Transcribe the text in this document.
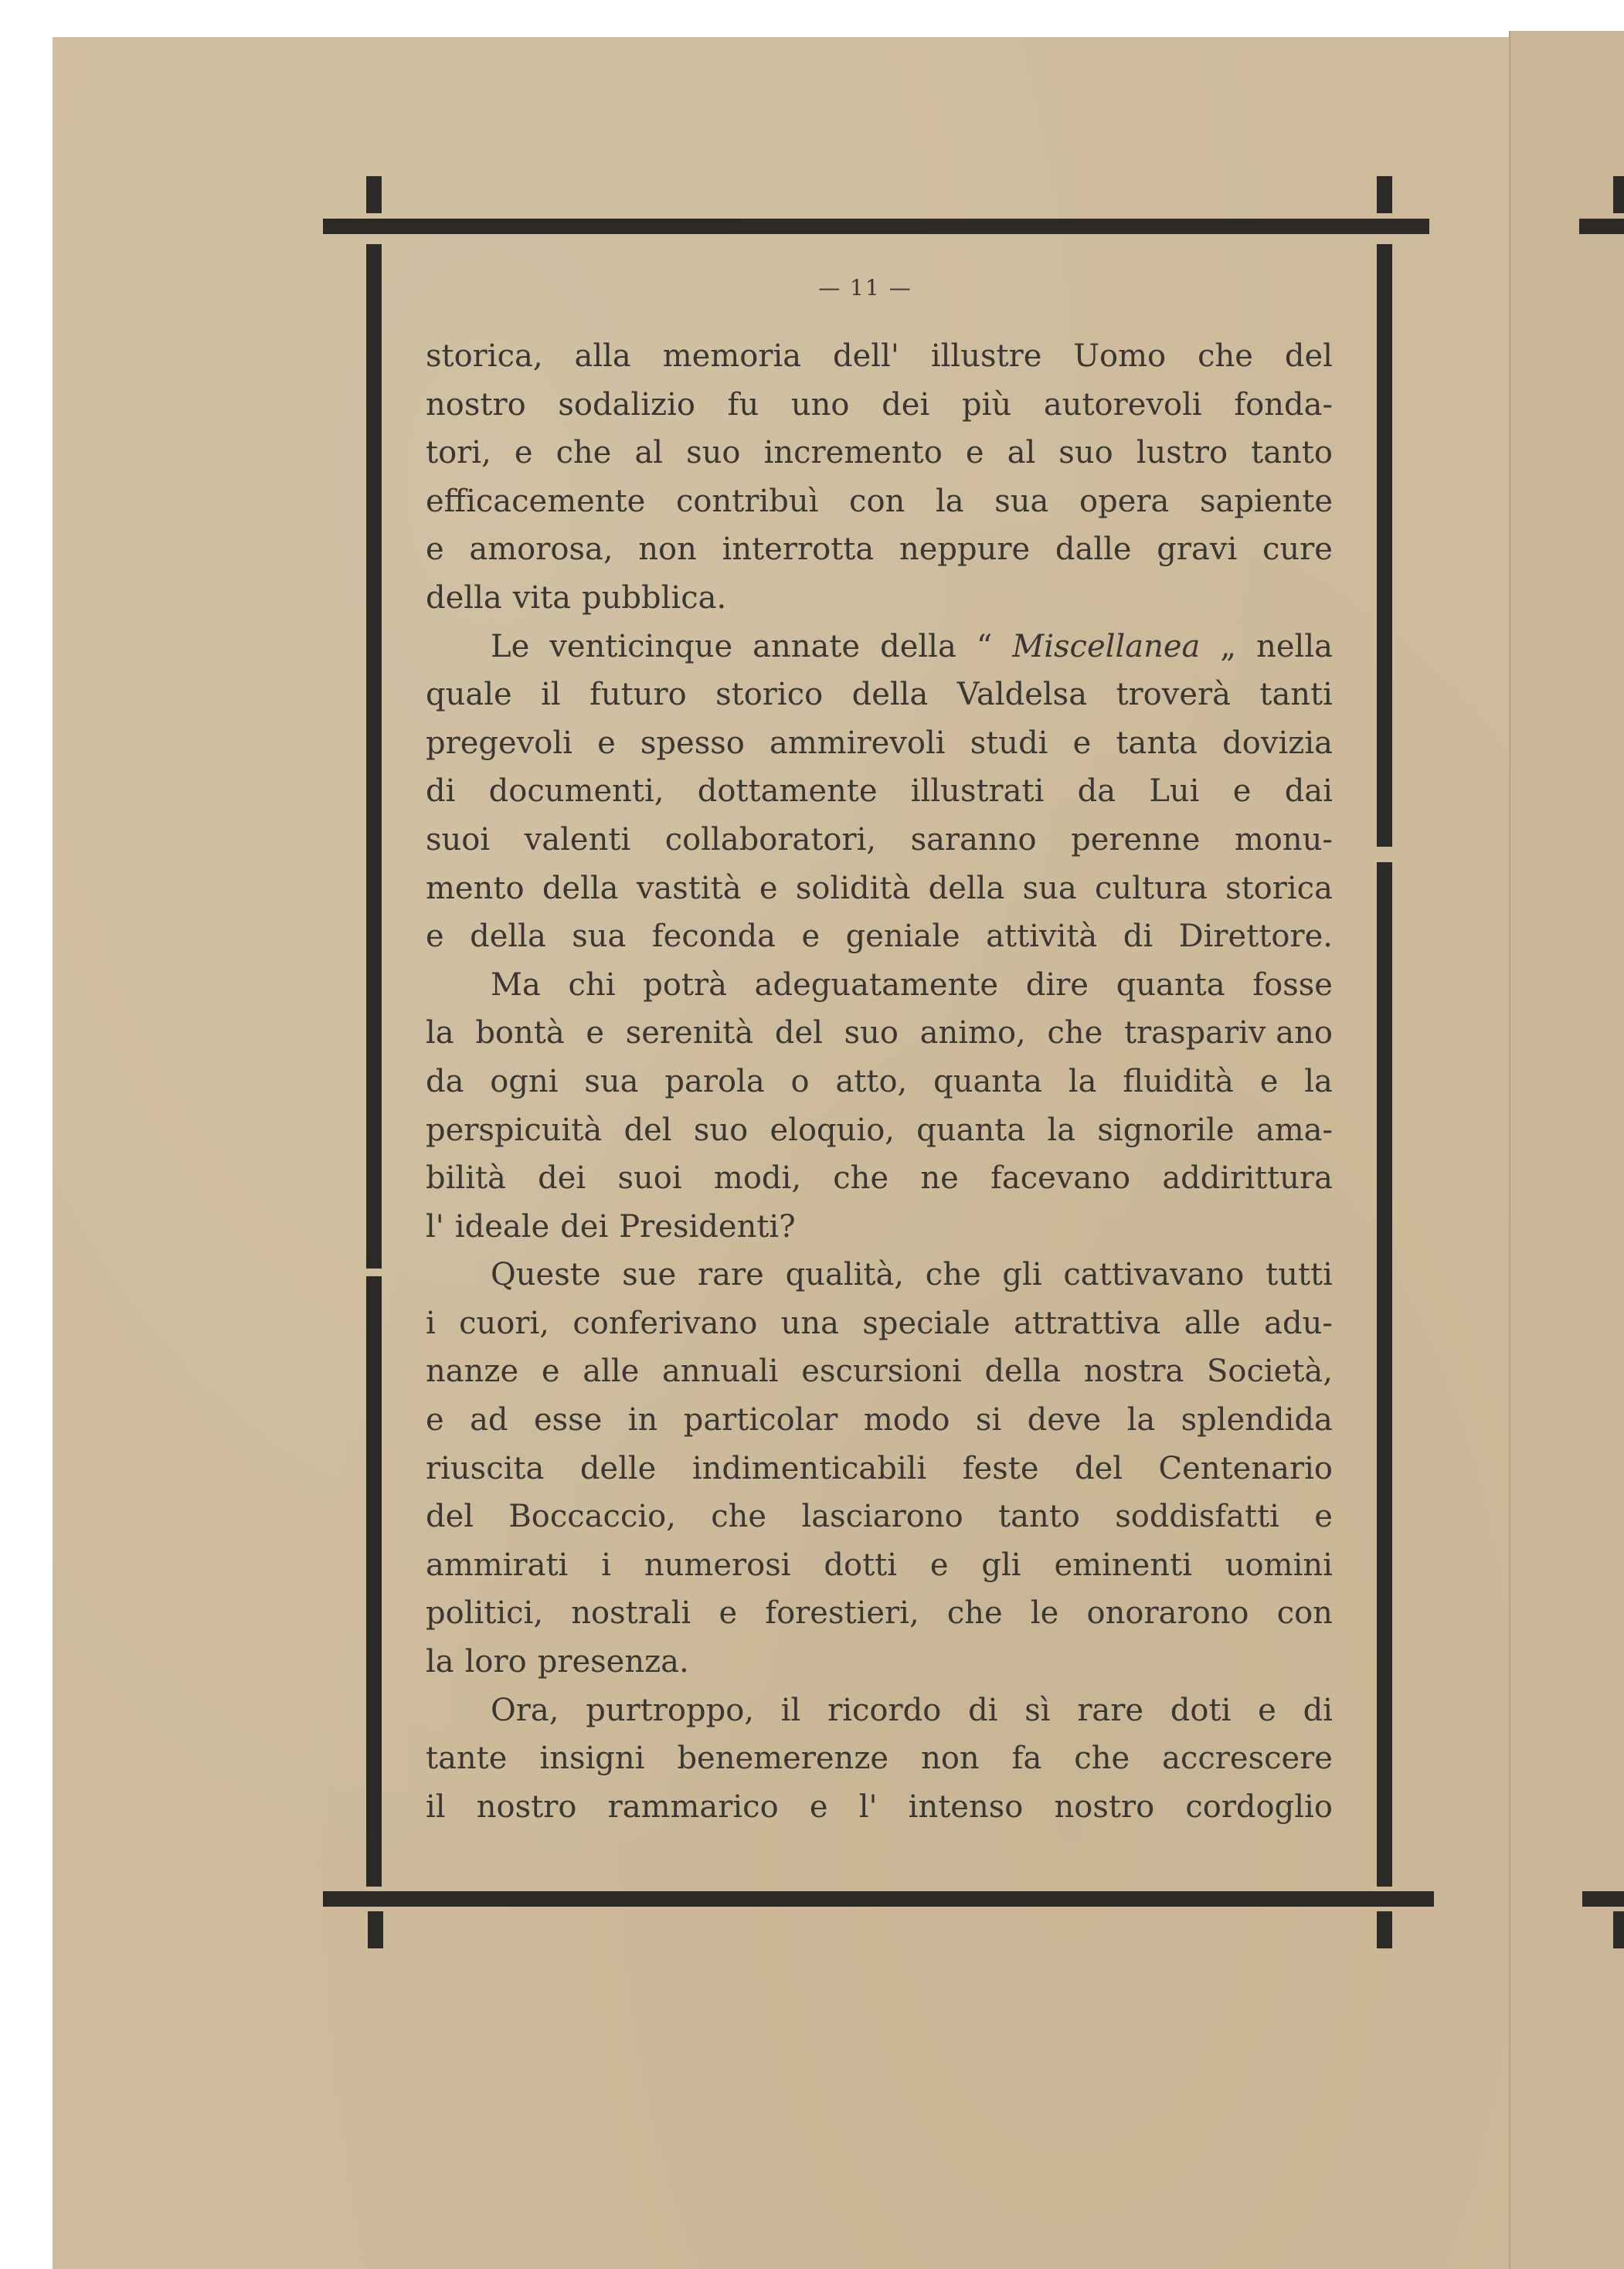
— 11 —
storica, alla memoria dell' illustre Uomo che del
nostro sodalizio fu uno dei più autorevoli fonda-
tori, e che al suo incremento e al suo lustro tanto
efficacemente contribuì con la sua opera sapiente
e amorosa, non interrotta neppure dalle gravi cure
della vita pubblica.
Le venticinque annate della “ Miscellanea „ nella
quale il futuro storico della Valdelsa troverà tanti
pregevoli e spesso ammirevoli studi e tanta dovizia
di documenti, dottamente illustrati da Lui e dai
suoi valenti collaboratori, saranno perenne monu-
mento della vastità e solidità della sua cultura storica
e della sua feconda e geniale attività di Direttore.
Ma chi potrà adeguatamente dire quanta fosse
la bontà e serenità del suo animo, che traspariv ano
da ogni sua parola o atto, quanta la fluidità e la
perspicuità del suo eloquio, quanta la signorile ama-
bilità dei suoi modi, che ne facevano addirittura
l' ideale dei Presidenti?
Queste sue rare qualità, che gli cattivavano tutti
i cuori, conferivano una speciale attrattiva alle adu-
nanze e alle annuali escursioni della nostra Società,
e ad esse in particolar modo si deve la splendida
riuscita delle indimenticabili feste del Centenario
del Boccaccio, che lasciarono tanto soddisfatti e
ammirati i numerosi dotti e gli eminenti uomini
politici, nostrali e forestieri, che le onorarono con
la loro presenza.
Ora, purtroppo, il ricordo di sì rare doti e di
tante insigni benemerenze non fa che accrescere
il nostro rammarico e l' intenso nostro cordoglio
